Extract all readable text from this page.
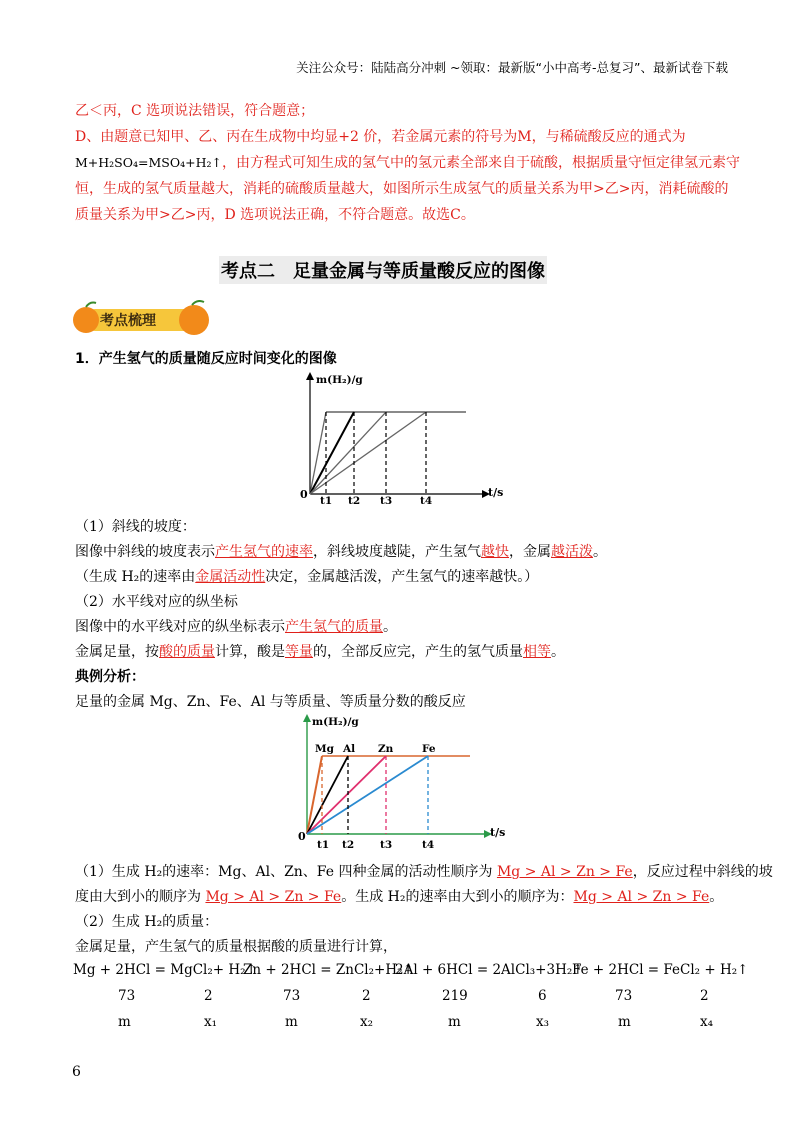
关注公众号：陆陆高分冲刺 ~领取：最新版“小中高考-总复习”、最新试卷下载
乙＜丙，C 选项说法错误，符合题意；
D、由题意已知甲、乙、丙在生成物中均显+2 价，若金属元素的符号为M，与稀硫酸反应的通式为
M+H₂SO₄=MSO₄+H₂↑，由方程式可知生成的氢气中的氢元素全部来自于硫酸，根据质量守恒定律氢元素守
恒，生成的氢气质量越大，消耗的硫酸质量越大，如图所示生成氢气的质量关系为甲>乙>丙，消耗硫酸的
质量关系为甲>乙>丙，D 选项说法正确，不符合题意。故选C。
考点二　足量金属与等质量酸反应的图像
考点梳理
1．产生氢气的质量随反应时间变化的图像
m(H₂)/g
t/s
0 t1 t2 t3	t4
（1）斜线的坡度：
图像中斜线的坡度表示产生氢气的速率，斜线坡度越陡，产生氢气越快，金属越活泼。
（生成 H₂的速率由金属活动性决定，金属越活泼，产生氢气的速率越快。）
（2）水平线对应的纵坐标
图像中的水平线对应的纵坐标表示产生氢气的质量。
金属足量，按酸的质量计算，酸是等量的，全部反应完，产生的氢气质量相等。
典例分析：
足量的金属 Mg、Zn、Fe、Al 与等质量、等质量分数的酸反应
m(H₂)/g
t/s
0
Mg Al Zn	Fe
t1 t2 t3	t4
（1）生成 H₂的速率：Mg、Al、Zn、Fe 四种金属的活动性顺序为 Mg > Al > Zn > Fe，反应过程中斜线的坡
度由大到小的顺序为 Mg > Al > Zn > Fe。生成 H₂的速率由大到小的顺序为：Mg > Al > Zn > Fe。
（2）生成 H₂的质量：
金属足量，产生氢气的质量根据酸的质量进行计算，
Mg + 2HCl = MgCl₂+ H₂↑
Zn + 2HCl = ZnCl₂+H₂↑
2Al + 6HCl = 2AlCl₃+3H₂↑
Fe + 2HCl = FeCl₂ + H₂↑
73	2	73	2	219	6	73	2
m	x₁	m	x₂	m	x₃	m	x₄
6
